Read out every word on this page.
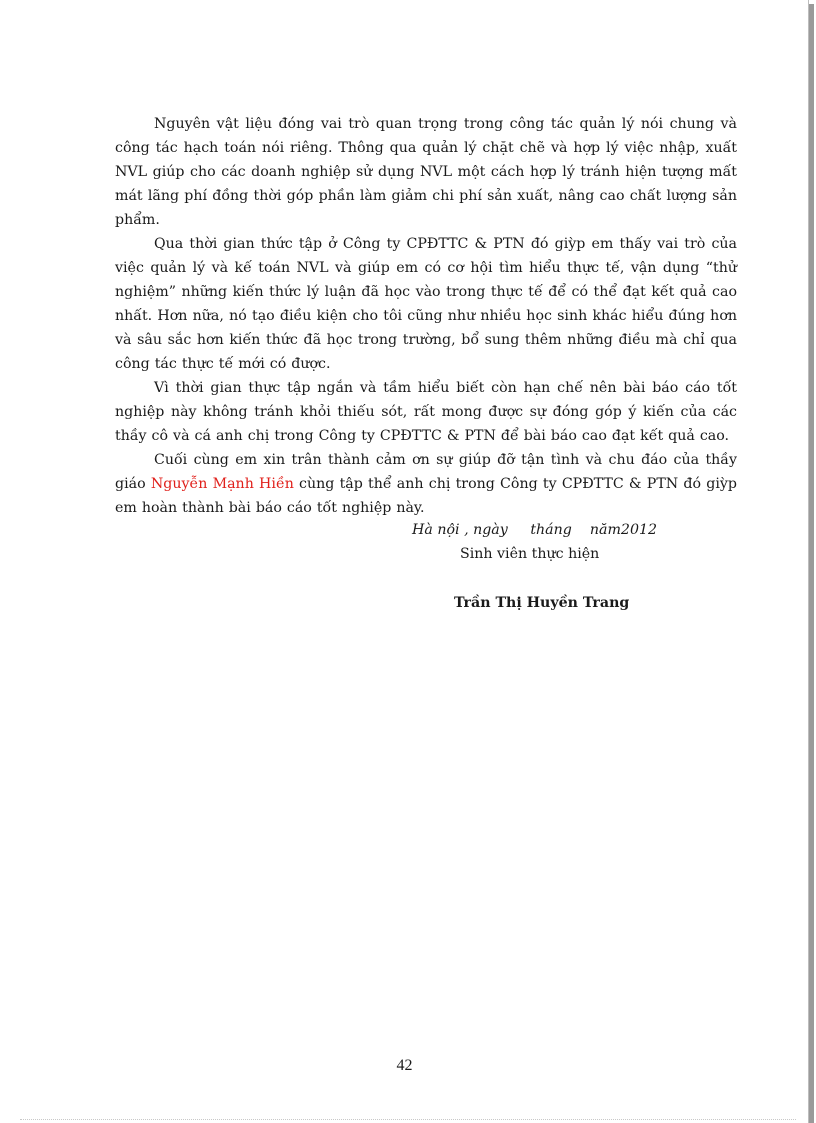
Nguyên vật liệu đóng vai trò quan trọng trong công tác quản lý nói chung và công tác hạch toán nói riêng. Thông qua quản lý chặt chẽ và hợp lý việc nhập, xuất NVL giúp cho các doanh nghiệp sử dụng NVL một cách hợp lý tránh hiện tượng mất mát lãng phí đồng thời góp phần làm giảm chi phí sản xuất, nâng cao chất lượng sản phẩm.

Qua thời gian thức tập ở Công ty CPĐTTC & PTN đó giỳp em thấy vai trò của việc quản lý và kế toán NVL và giúp em có cơ hội tìm hiểu thực tế, vận dụng “thử nghiệm” những kiến thức lý luận đã học vào trong thực tế để có thể đạt kết quả cao nhất. Hơn nữa, nó tạo điều kiện cho tôi cũng như nhiều học sinh khác hiểu đúng hơn và sâu sắc hơn kiến thức đã học trong trường, bổ sung thêm những điều mà chỉ qua công tác thực tế mới có được.

Vì thời gian thực tập ngắn và tầm hiểu biết còn hạn chế nên bài báo cáo tốt nghiệp này không tránh khỏi thiếu sót, rất mong được sự đóng góp ý kiến của các thầy cô và cá anh chị trong Công ty CPĐTTC & PTN để bài báo cao đạt kết quả cao.

Cuối cùng em xin trân thành cảm ơn sự giúp đỡ tận tình và chu đáo của thầy giáo Nguyễn Mạnh Hiền cùng tập thể anh chị trong Công ty CPĐTTC & PTN đó giỳp em hoàn thành bài báo cáo tốt nghiệp này.

Hà nội , ngày     tháng    năm2012
Sinh viên thực hiện
Trần Thị Huyền Trang
42
